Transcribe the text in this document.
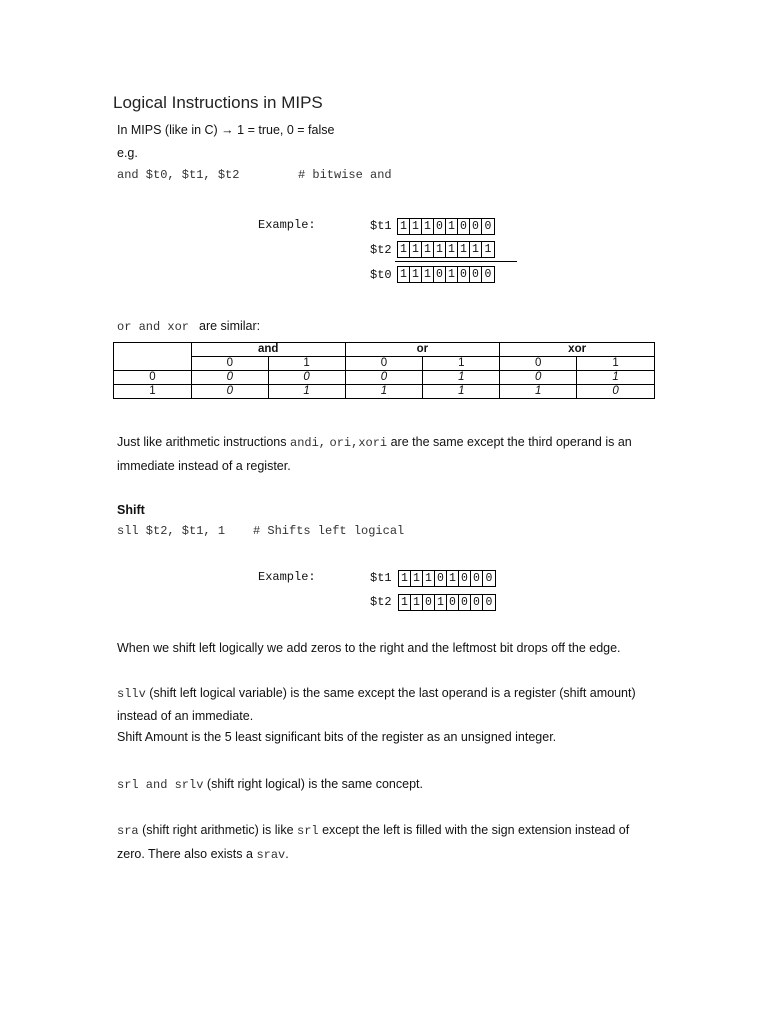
Logical Instructions in MIPS
In MIPS (like in C) → 1 = true, 0 = false
e.g.
and $t0, $t1, $t2	# bitwise and
Example:	$t1 1 1 1 0 1 0 0 0
$t2 1 1 1 1 1 1 1 1
$t0 1 1 1 0 1 0 0 0
or and xor are similar:
	and		or		xor	
	0	1	0	1	0	1
0	0	0	0	1	0	1
1	0	1	1	1	1	0
Just like arithmetic instructions andi, ori,xori are the same except the third operand is an
immediate instead of a register.
Shift
sll $t2, $t1, 1 # Shifts left logical
Example:	$t1 1 1 1 0 1 0 0 0
$t2 1 1 0 1 0 0 0 0
When we shift left logically we add zeros to the right and the leftmost bit drops off the edge.
sllv (shift left logical variable) is the same except the last operand is a register (shift amount)
instead of an immediate.
Shift Amount is the 5 least significant bits of the register as an unsigned integer.
srl and srlv (shift right logical) is the same concept.
sra (shift right arithmetic) is like srl except the left is filled with the sign extension instead of
zero. There also exists a srav.
